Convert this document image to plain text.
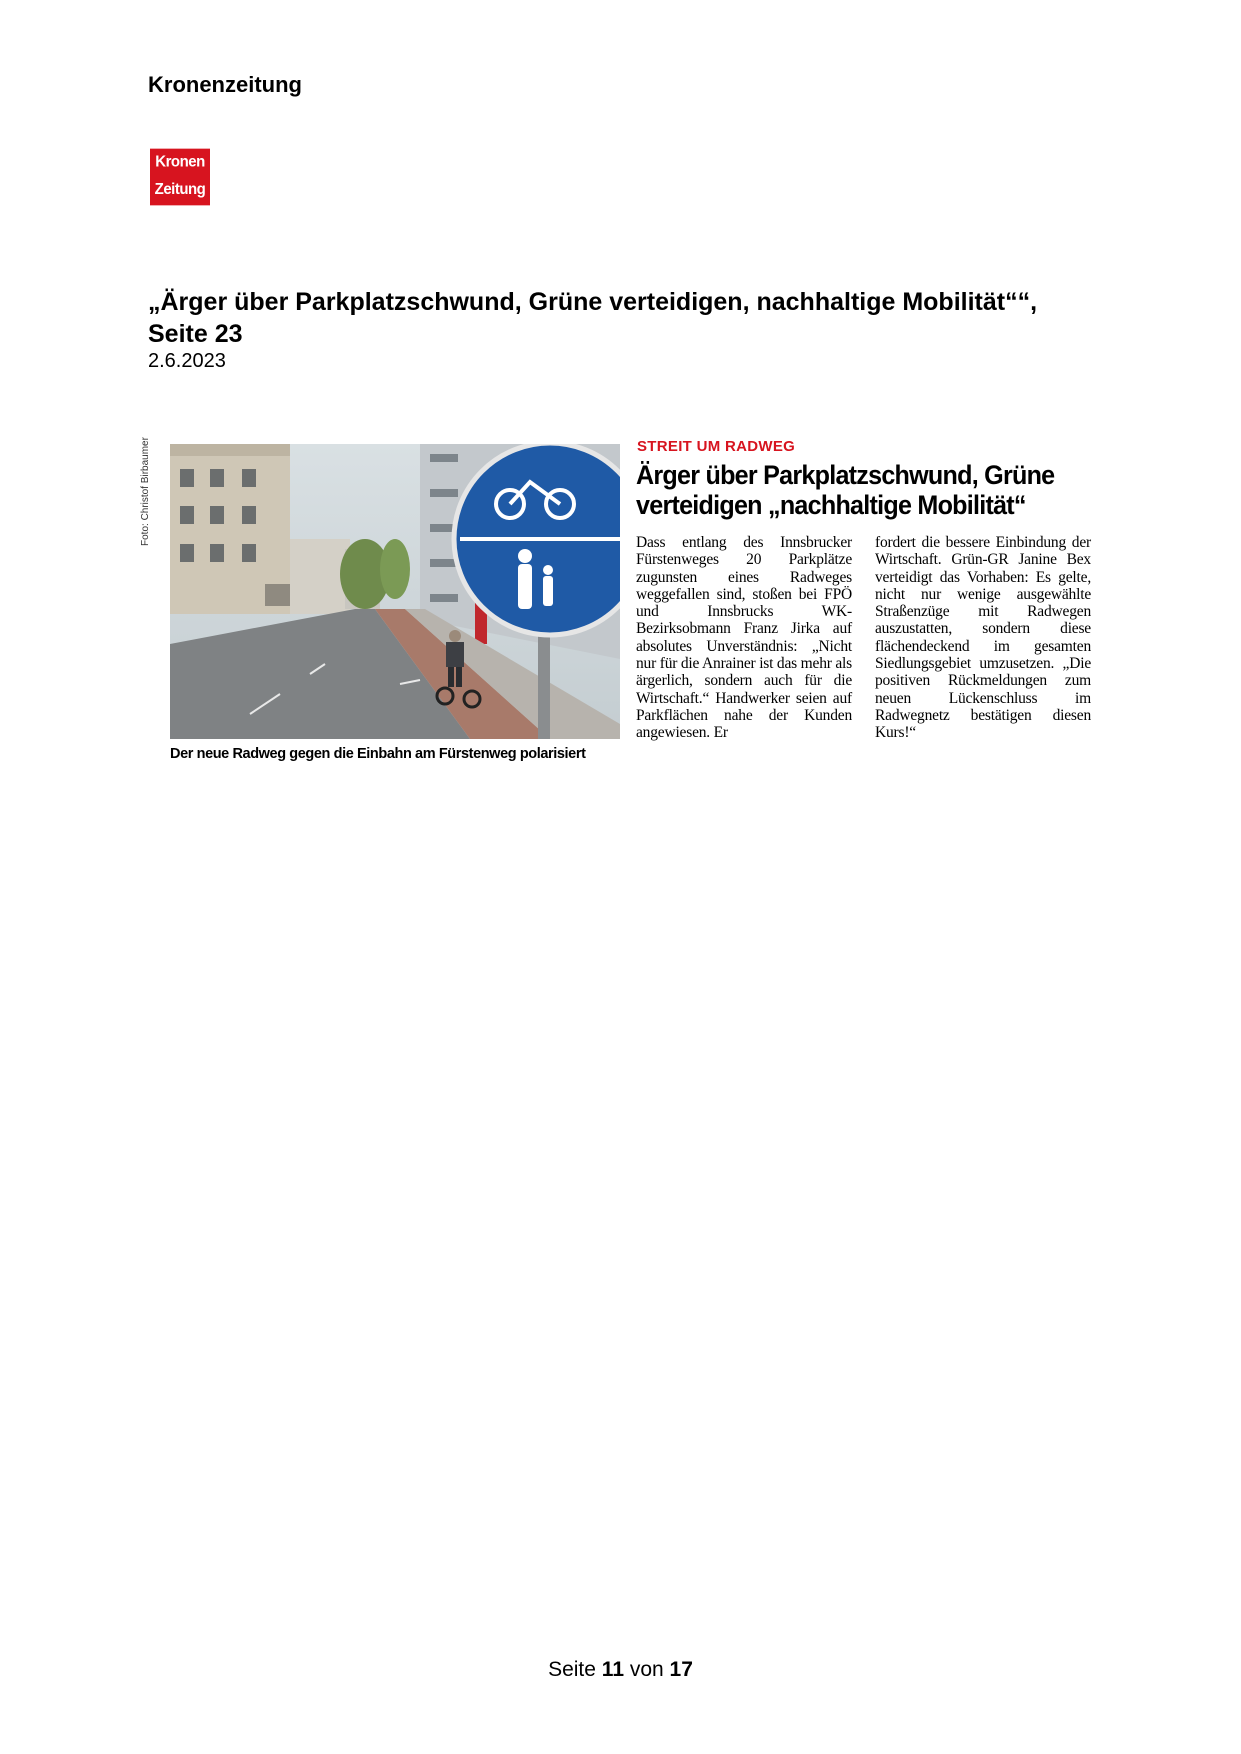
Kronenzeitung
Kronen
Zeitung
„Ärger über Parkplatzschwund, Grüne verteidigen, nachhaltige Mobilität““, Seite 23

2.6.2023

Foto: Christof Birbaumer
Der neue Radweg gegen die Einbahn am Fürstenweg polarisiert
STREIT UM RADWEG
Ärger über Parkplatzschwund, Grüne verteidigen „nachhaltige Mobilität“
Dass entlang des Innsbrucker Fürstenweges 20 Parkplätze zugunsten eines Radweges weggefallen sind, stoßen bei FPÖ und Innsbrucks WK-Bezirksobmann Franz Jirka auf absolutes Unverständnis: „Nicht nur für die Anrainer ist das mehr als ärgerlich, sondern auch für die Wirtschaft.“ Handwerker seien auf Parkflächen nahe der Kunden angewiesen. Er
fordert die bessere Einbindung der Wirtschaft. Grün-GR Janine Bex verteidigt das Vorhaben: Es gelte, nicht nur wenige ausgewählte Straßenzüge mit Radwegen auszustatten, sondern diese flächendeckend im gesamten Siedlungsgebiet umzusetzen. „Die positiven Rückmeldungen zum neuen Lückenschluss im Radwegnetz bestätigen diesen Kurs!“
Seite 11 von 17
